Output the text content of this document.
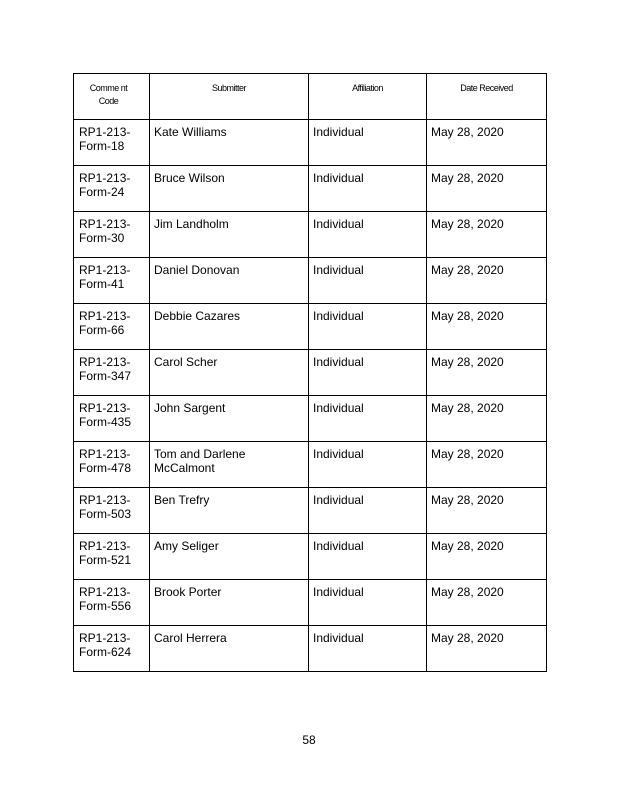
Comme nt Code	Submitter	Affiliation	Date Received
RP1-213-Form-18	Kate Williams	Individual	May 28, 2020
RP1-213-Form-24	Bruce Wilson	Individual	May 28, 2020
RP1-213-Form-30	Jim Landholm	Individual	May 28, 2020
RP1-213-Form-41	Daniel Donovan	Individual	May 28, 2020
RP1-213-Form-66	Debbie Cazares	Individual	May 28, 2020
RP1-213-Form-347	Carol Scher	Individual	May 28, 2020
RP1-213-Form-435	John Sargent	Individual	May 28, 2020
RP1-213-Form-478	Tom and Darlene McCalmont	Individual	May 28, 2020
RP1-213-Form-503	Ben Trefry	Individual	May 28, 2020
RP1-213-Form-521	Amy Seliger	Individual	May 28, 2020
RP1-213-Form-556	Brook Porter	Individual	May 28, 2020
RP1-213-Form-624	Carol Herrera	Individual	May 28, 2020
58
